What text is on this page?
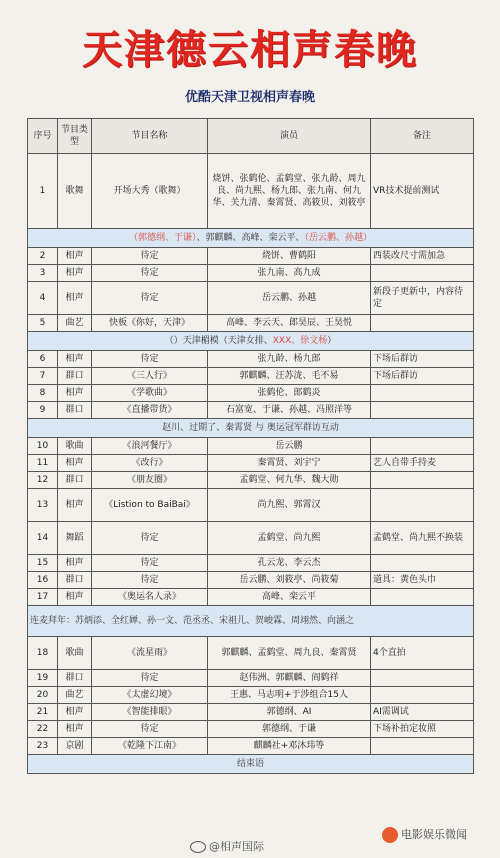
天津德云相声春晚
优酷天津卫视相声春晚
序号	节目类型	节目名称	演员	备注
1	歌舞	开场大秀（歌舞）	烧饼、张鹤伦、孟鹤堂、张九龄、周九良、尚九熙、杨九郎、张九南、何九华、关九清、秦霄贤、高筱贝、刘筱亭	VR技术提前测试
（郭德纲、于谦）、郭麒麟、高峰、栾云平、（岳云鹏、孙越）				
2	相声	待定	烧饼、曹鹤阳	西装改尺寸需加急
3	相声	待定	张九南、高九成	
4	相声	待定	岳云鹏、孙越	新段子更新中，内容待定
5	曲艺	快板《你好，天津》	高峰、李云天、郎昊辰、王昊悦	
（）天津楣模（天津女排、XXX、徐文杨）				
6	相声	待定	张九龄、杨九郎	下场后群访
7	群口	《三人行》	郭麒麟、汪苏泷、毛不易	下场后群访
8	相声	《学歌曲》	张鹤伦、郎鹤炎	
9	群口	《直播带货》	石富宽、于谦、孙越、冯照洋等	
赵川、过期了、秦霄贤 与 奥运冠军群访互动				
10	歌曲	《浪河餐厅》	岳云鹏	
11	相声	《改行》	秦霄贤、刘宇宁	艺人自带手持麦
12	群口	《朋友圈》	孟鹤堂、何九华、魏大勋	
13	相声	《Listion to BaiBai》	尚九熙、郭霄汉	
14	舞蹈	待定	孟鹤堂、尚九熙	孟鹤堂、尚九熙不换装
15	相声	待定	孔云龙、李云杰	
16	群口	待定	岳云鹏、刘筱亭、尚筱菊	道具：黄色头巾
17	相声	《奥运名人录》	高峰、栾云平	
连麦拜年：苏炳添、全红婵、孙一文、范丞丞、宋祖儿、贺峻霖、周翊然、向涵之				
18	歌曲	《流星雨》	郭麒麟、孟鹤堂、周九良、秦霄贤	4个直拍
19	群口	待定	赵伟洲、郭麒麟、阎鹤祥	
20	曲艺	《太虚幻境》	王惠、马志明+于涉组合15人	
21	相声	《智能排眼》	郭德纲、AI	AI需调试
22	相声	待定	郭德纲、于谦	下场补拍定妆照
23	京剧	《乾隆下江南》	麒麟社+邓沐玮等	
结束语				
@相声国际
电影娱乐微闻
